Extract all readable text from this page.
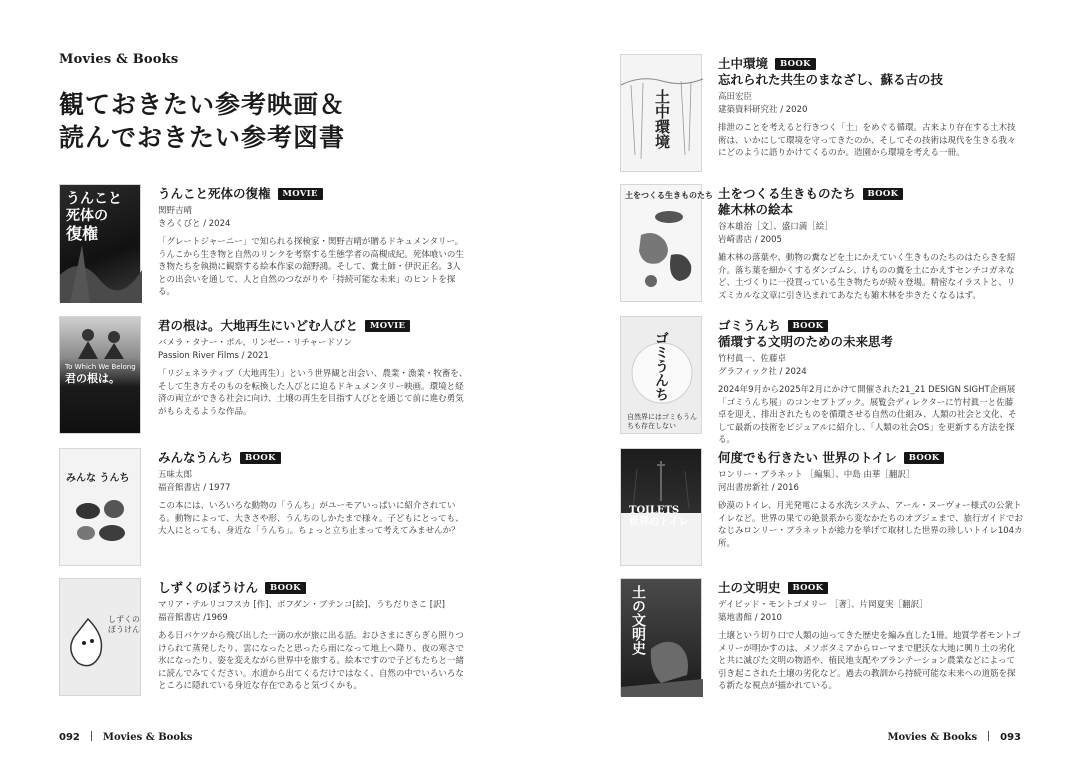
Movies & Books
観ておきたい参考映画＆
読んでおきたい参考図書
うんこと
死体の
復権
うんこと死体の復権	MOVIE
関野吉晴
きろくびと / 2024
「グレートジャーニー」で知られる探検家・関野吉晴が贈るドキュメンタリー。うんこから生き物と自然のリンクを考察する生態学者の高槻成紀。死体喰いの生き物たちを執拗に観察する絵本作家の舘野鴻。そして、糞土師・伊沢正名。3人との出会いを通して、人と自然のつながりや「持続可能な未来」のヒントを探る。
To Which We Belong
君の根は。
君の根は。大地再生にいどむ人びと	MOVIE
バメラ・タナー・ボル、リンゼー・リチャードソン
Passion River Films / 2021
「リジェネラティブ（大地再生）」という世界観と出会い、農業・漁業・牧畜を、そして生き方そのものを転換した人びとに迫るドキュメンタリー映画。環境と経済の両立ができる社会に向け、土壌の再生を目指す人びとを通じて前に進む勇気がもらえるような作品。
みんな うんち
みんなうんち	BOOK
五味太郎
福音館書店 / 1977
この本には、いろいろな動物の「うんち」がユーモアいっぱいに紹介されている。動物によって、大きさや形、うんちのしかたまで様々。子どもにとっても、大人にとっても、身近な「うんち」。ちょっと立ち止まって考えてみませんか？
しずくの
ぼうけん
しずくのぼうけん	BOOK
マリア・テルリコフスカ [作]、ボフダン・ブテンコ[絵]、うちだりさこ [訳]
福音館書店 /1969
ある日バケツから飛び出した一滴の水が旅に出る話。おひさまにぎらぎら照りつけられて蒸発したり、雲になったと思ったら雨になって地上へ降り、夜の寒さで氷になったり、姿を変えながら世界中を旅する。絵本ですので子どもたちと一緒に読んでみてください。水道から出てくるだけではなく、自然の中でいろいろなところに隠れている身近な存在であると気づくかも。
土中環境
土中環境	BOOK
忘れられた共生のまなざし、蘇る古の技
高田宏臣
建築資料研究社 / 2020
排泄のことを考えると行きつく「土」をめぐる循環。古来より存在する土木技術は、いかにして環境を守ってきたのか、そしてその技術は現代を生きる我々にどのように語りかけてくるのか。造園から環境を考える一冊。
土をつくる生きものたち 土をつくる生きものたち	BOOK
雑木林の絵本
谷本雄治［文］、盛口満［絵］
岩崎書店 / 2005
雑木林の落葉や、動物の糞などを土にかえていく生きものたちのはたらきを紹介。落ち葉を細かくするダンゴムシ、けものの糞を土にかえすセンチコガネなど、土づくりに一役買っている生き物たちが続々登場。精密なイラストと、リズミカルな文章に引き込まれてあなたも雑木林を歩きたくなるはず。
ゴミうんち
自然界にはゴミもうんちも存在しない
ゴミうんち	BOOK
循環する文明のための未来思考
竹村眞一、佐藤卓
グラフィック社 / 2024
2024年9月から2025年2月にかけて開催された21_21 DESIGN SIGHT企画展「ゴミうんち展」のコンセプトブック。展覧会ディレクターに竹村眞一と佐藤 卓を迎え、排出されたものを循環させる自然の仕組み、人類の社会と文化、そして最新の技術をビジュアルに紹介し、「人類の社会OS」を更新する方法を探る。
TOILETS
世界のトイレ
何度でも行きたい 世界のトイレ	BOOK
ロンリー・プラネット ［編集］、中島 由華［翻訳］
河出書房新社 / 2016
砂漠のトイレ、月光発電による水洗システム、アール・ヌーヴォー様式の公衆トイレなど。世界の果ての絶景系から変なかたちのオブジェまで、旅行ガイドでおなじみロンリー・プラネットが総力を挙げて取材した世界の珍しいトイレ104カ所。
土の文明史
土の文明史	BOOK
デイビッド・モントゴメリー ［著］、片岡夏実［翻訳］
築地書館 / 2010
土壌という切り口で人類の辿ってきた歴史を編み直した1冊。地質学者モントゴメリーが明かすのは、メソポタミアからローマまで肥沃な大地に興り土の劣化と共に滅びた文明の物語や、植民地支配やプランテーション農業などによって引き起こされた土壌の劣化など。過去の教訓から持続可能な未来への道筋を探る新たな視点が描かれている。
092 Movies & Books	Movies & Books 093
